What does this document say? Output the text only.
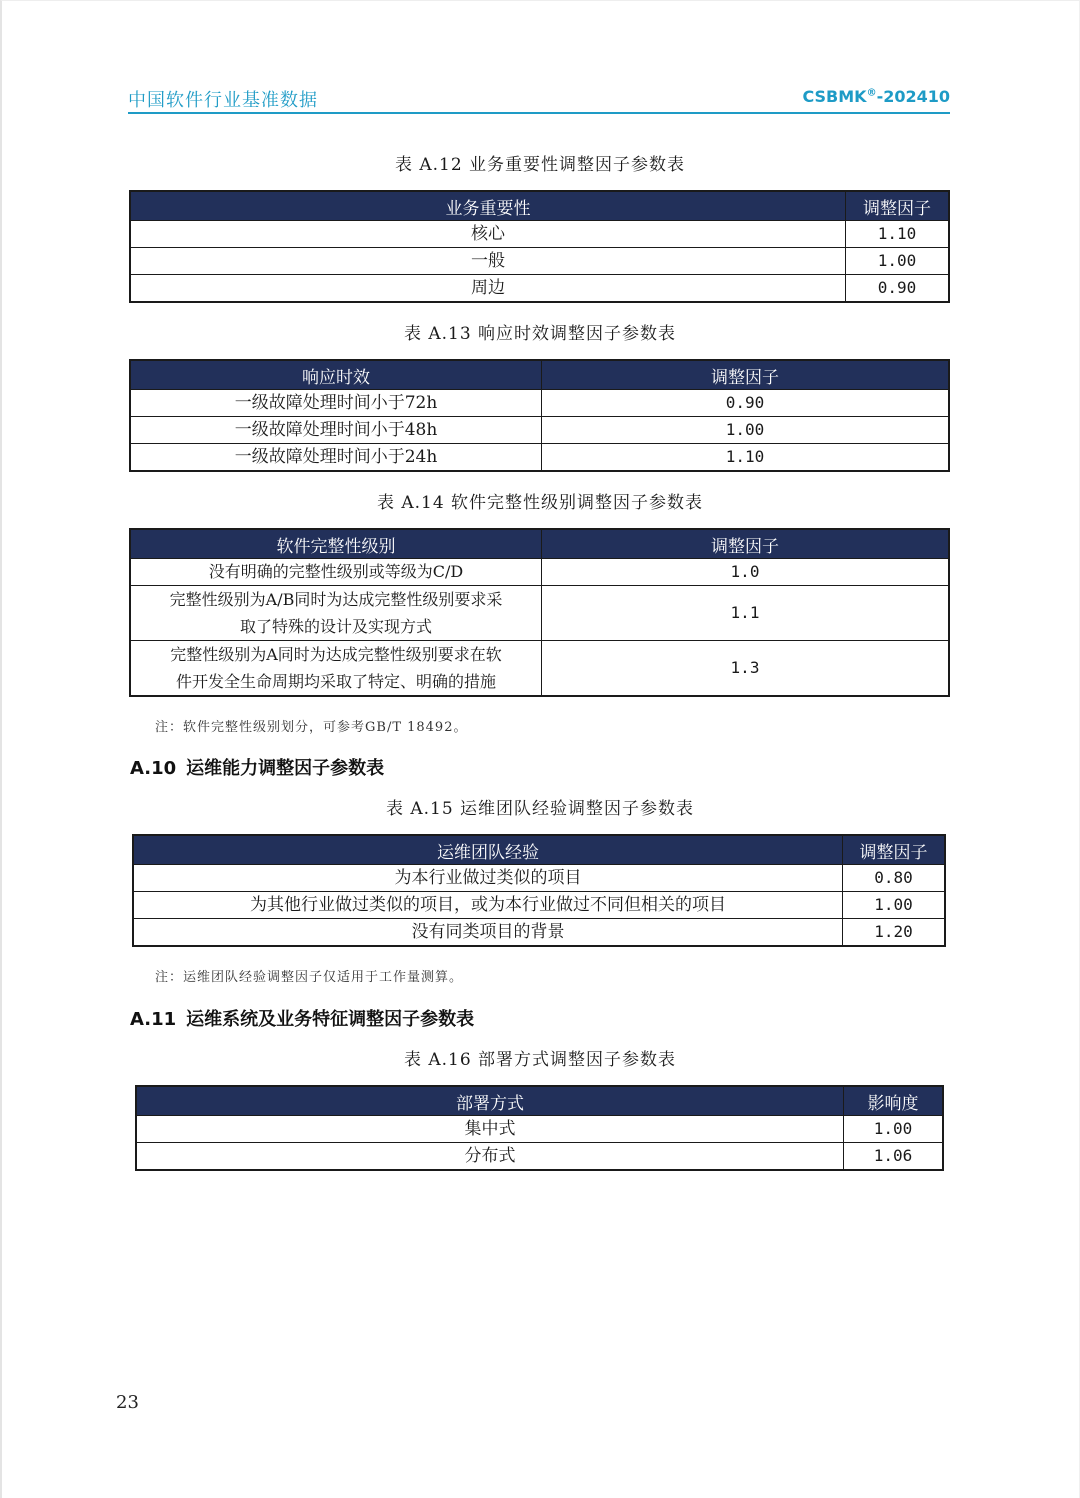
中国软件行业基准数据	CSBMK®-202410
表 A.12 业务重要性调整因子参数表
业务重要性	调整因子
核心	1.10
一般	1.00
周边	0.90
表 A.13 响应时效调整因子参数表
响应时效	调整因子
一级故障处理时间小于72h	0.90
一级故障处理时间小于48h	1.00
一级故障处理时间小于24h	1.10
表 A.14 软件完整性级别调整因子参数表
软件完整性级别	调整因子
没有明确的完整性级别或等级为C/D	1.0

完整性级别为A/B同时为达成完整性级别要求采
取了特殊的设计及实现方式	1.1

完整性级别为A同时为达成完整性级别要求在软
件开发全生命周期均采取了特定、明确的措施	1.3
注：软件完整性级别划分，可参考GB/T 18492。
A.10 运维能力调整因子参数表
表 A.15 运维团队经验调整因子参数表
运维团队经验	调整因子
为本行业做过类似的项目	0.80
为其他行业做过类似的项目，或为本行业做过不同但相关的项目	1.00
没有同类项目的背景	1.20
注：运维团队经验调整因子仅适用于工作量测算。
A.11 运维系统及业务特征调整因子参数表
表 A.16 部署方式调整因子参数表
部署方式	影响度
集中式	1.00
分布式	1.06
23
